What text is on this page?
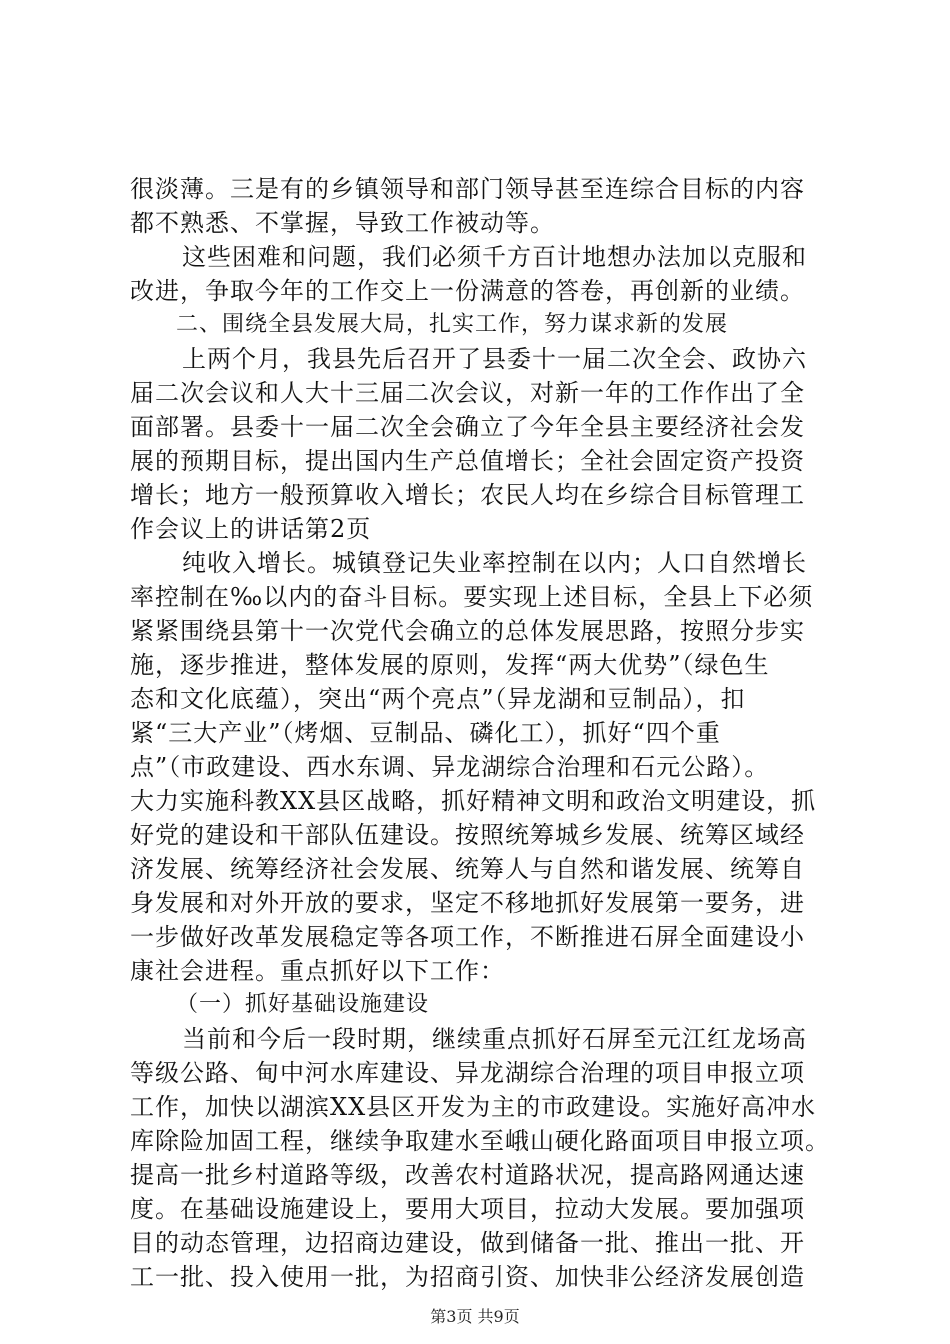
很淡薄。三是有的乡镇领导和部门领导甚至连综合目标的内容
都不熟悉、不掌握，导致工作被动等。
这些困难和问题，我们必须千方百计地想办法加以克服和
改进，争取今年的工作交上一份满意的答卷，再创新的业绩。
二、围绕全县发展大局，扎实工作，努力谋求新的发展
上两个月，我县先后召开了县委十一届二次全会、政协六
届二次会议和人大十三届二次会议，对新一年的工作作出了全
面部署。县委十一届二次全会确立了今年全县主要经济社会发
展的预期目标，提出国内生产总值增长；全社会固定资产投资
增长；地方一般预算收入增长；农民人均在乡综合目标管理工
作会议上的讲话第2页
纯收入增长。城镇登记失业率控制在以内；人口自然增长
率控制在‰以内的奋斗目标。要实现上述目标，全县上下必须
紧紧围绕县第十一次党代会确立的总体发展思路，按照分步实
施，逐步推进，整体发展的原则，发挥“两大优势”（绿色生
态和文化底蕴），突出“两个亮点”（异龙湖和豆制品），扣
紧“三大产业”（烤烟、豆制品、磷化工），抓好“四个重
点”（市政建设、西水东调、异龙湖综合治理和石元公路）。
大力实施科教XX县区战略，抓好精神文明和政治文明建设，抓
好党的建设和干部队伍建设。按照统筹城乡发展、统筹区域经
济发展、统筹经济社会发展、统筹人与自然和谐发展、统筹自
身发展和对外开放的要求，坚定不移地抓好发展第一要务，进
一步做好改革发展稳定等各项工作，不断推进石屏全面建设小
康社会进程。重点抓好以下工作：
（一）抓好基础设施建设
当前和今后一段时期，继续重点抓好石屏至元江红龙场高
等级公路、甸中河水库建设、异龙湖综合治理的项目申报立项
工作，加快以湖滨XX县区开发为主的市政建设。实施好高冲水
库除险加固工程，继续争取建水至峨山硬化路面项目申报立项。
提高一批乡村道路等级，改善农村道路状况，提高路网通达速
度。在基础设施建设上，要用大项目，拉动大发展。要加强项
目的动态管理，边招商边建设，做到储备一批、推出一批、开
工一批、投入使用一批，为招商引资、加快非公经济发展创造
第3页 共9页
